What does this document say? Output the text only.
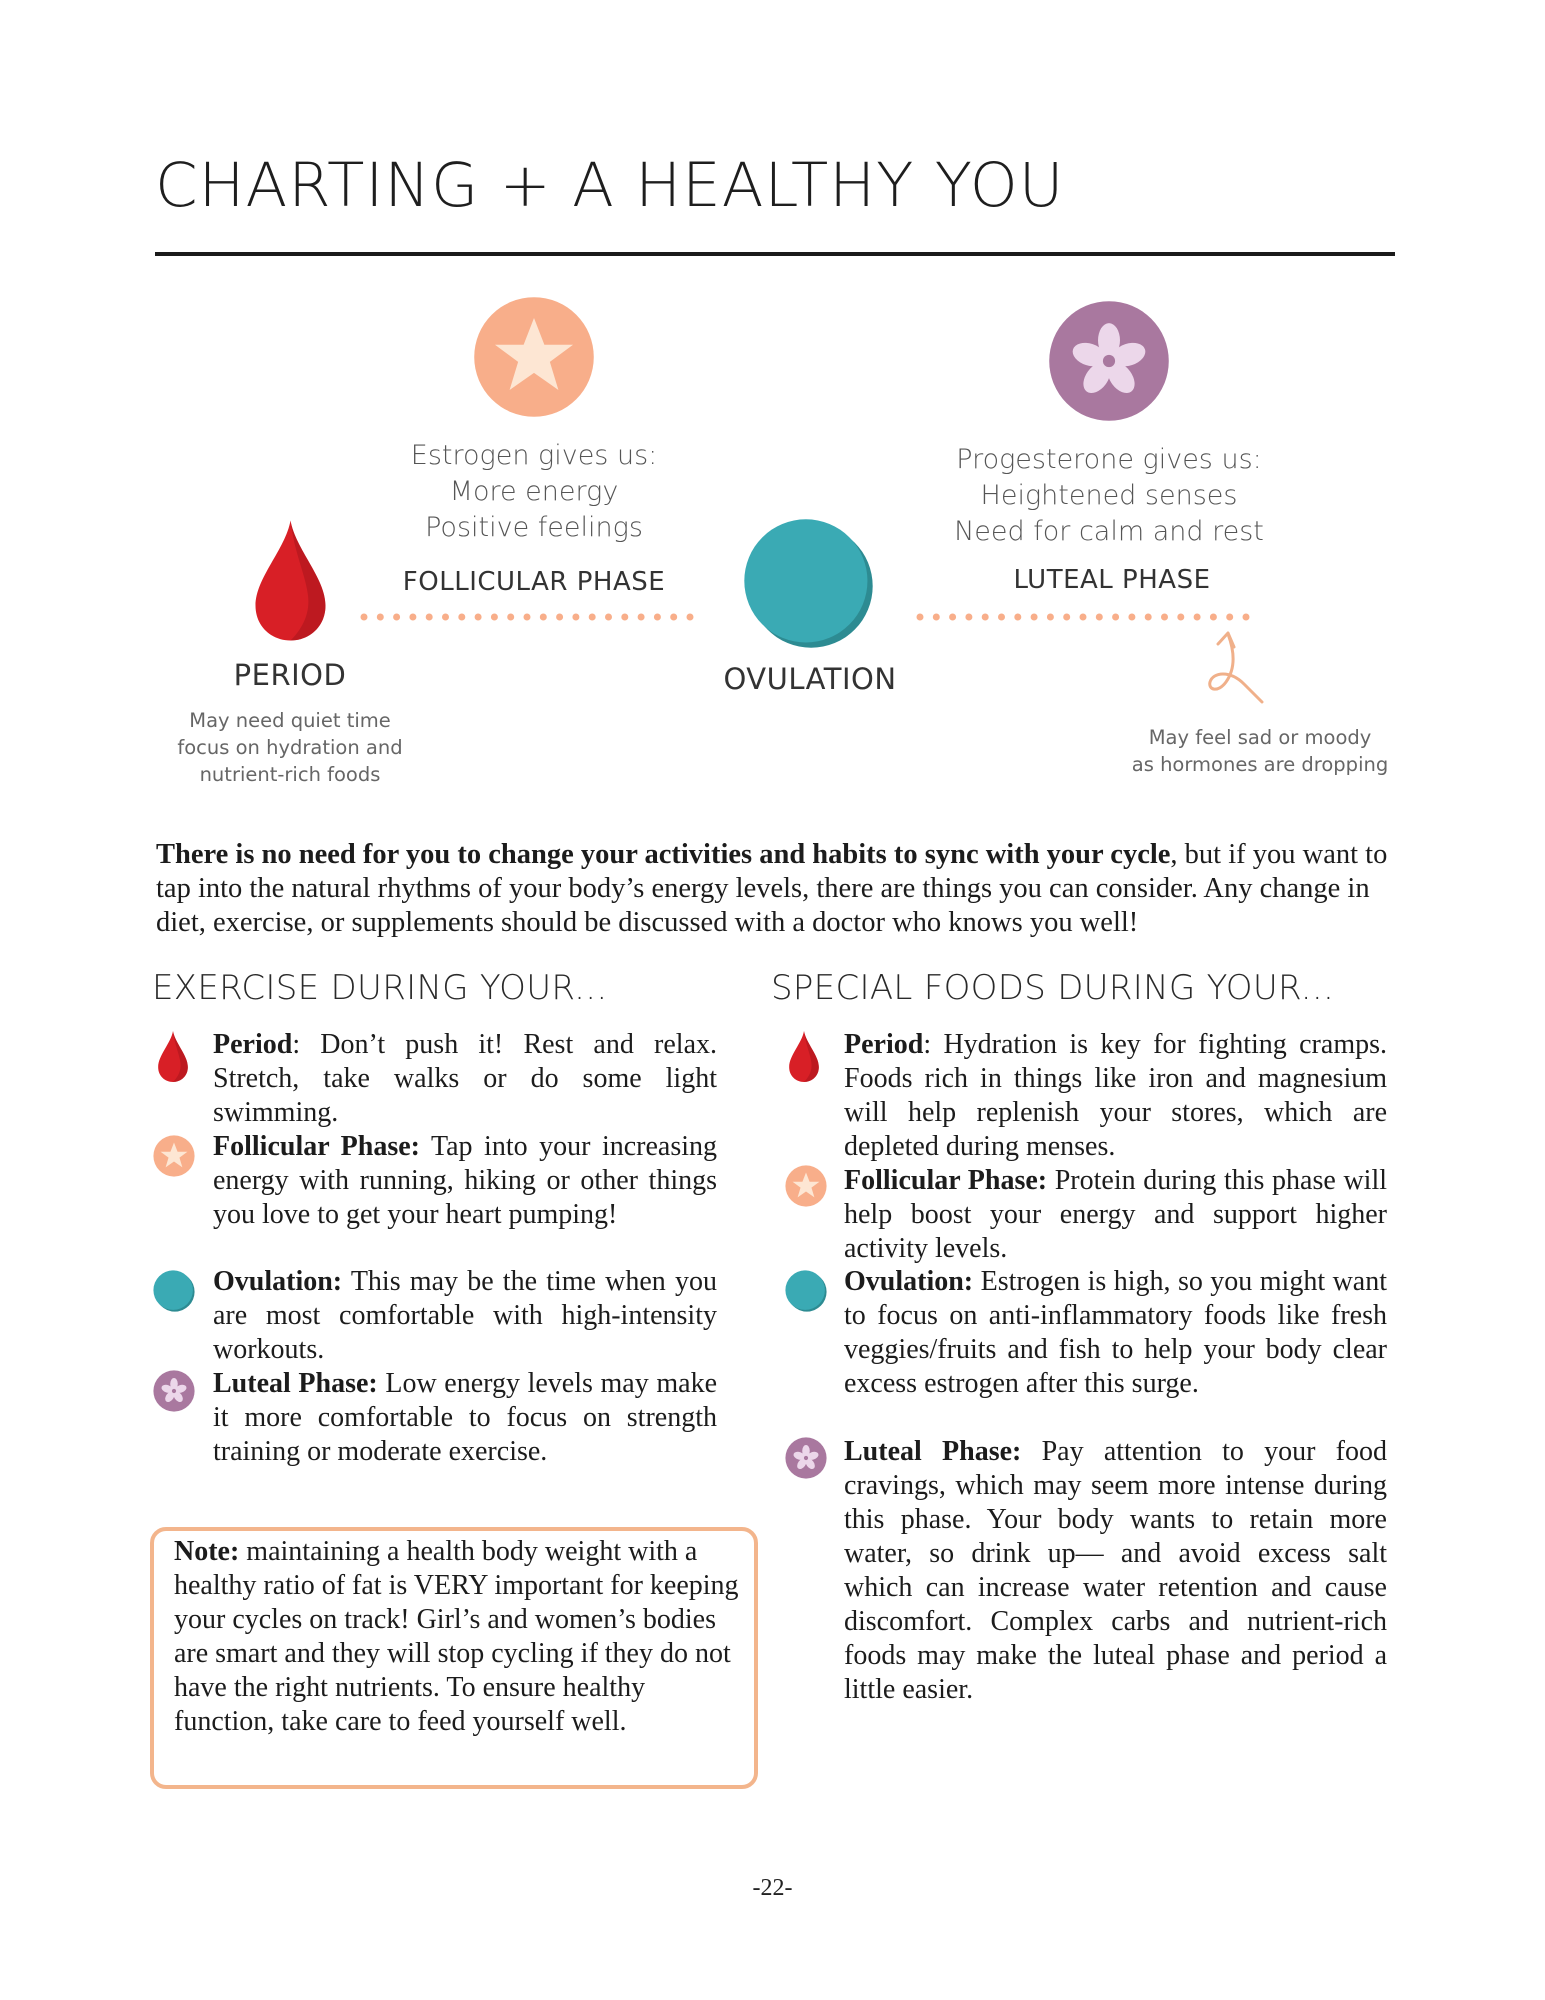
CHARTING + A HEALTHY YOU
Estrogen gives us:
More energy
Positive feelings
FOLLICULAR PHASE
Progesterone gives us:
Heightened senses
Need for calm and rest
LUTEAL PHASE
PERIOD
May need quiet time
focus on hydration and
nutrient-rich foods
OVULATION
May feel sad or moody
as hormones are dropping
There is no need for you to change your activities and habits to sync with your cycle, but if you want to tap into the natural rhythms of your body’s energy levels, there are things you can consider. Any change in diet, exercise, or supplements should be discussed with a doctor who knows you well!
EXERCISE DURING YOUR...	SPECIAL FOODS DURING YOUR...

Period: Don’t push it! Rest and relax. Stretch, take walks or do some light swimming.

Follicular Phase: Tap into your increasing energy with running, hiking or other things you love to get your heart pumping!

Ovulation: This may be the time when you are most comfortable with high-intensity workouts.

Luteal Phase: Low energy levels may make it more comfortable to focus on strength training or moderate exercise.

Note: maintaining a health body weight with a healthy ratio of fat is VERY important for keeping your cycles on track! Girl’s and women’s bodies are smart and they will stop cycling if they do not have the right nutrients. To ensure healthy function, take care to feed yourself well.

Period: Hydration is key for fighting cramps. Foods rich in things like iron and magnesium will help replenish your stores, which are depleted during menses.

Follicular Phase: Protein during this phase will help boost your energy and support higher activity levels.

Ovulation: Estrogen is high, so you might want to focus on anti-inflammatory foods like fresh veggies/fruits and fish to help your body clear excess estrogen after this surge.

Luteal Phase: Pay attention to your food cravings, which may seem more intense during this phase. Your body wants to retain more water, so drink up— and avoid excess salt which can increase water retention and cause discomfort. Complex carbs and nutrient-rich foods may make the luteal phase and period a little easier.

-22-
